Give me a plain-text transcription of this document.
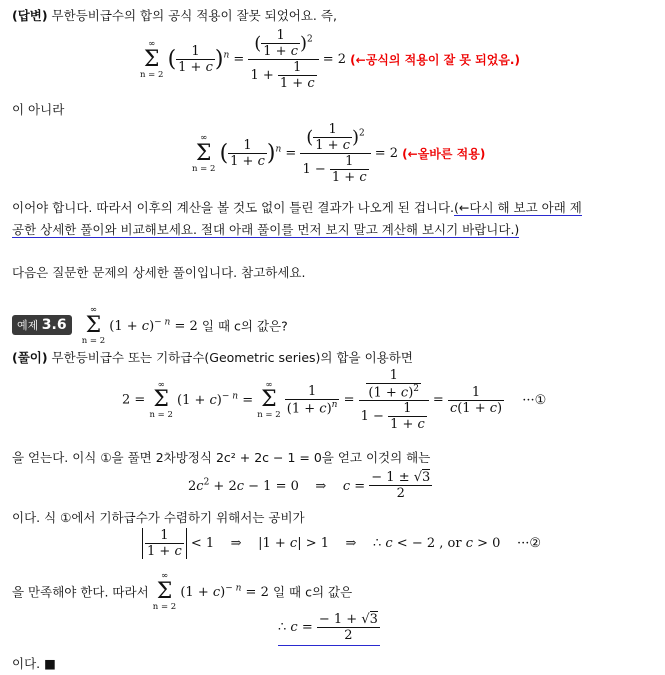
(답변) 무한등비급수의 합의 공식 적용이 잘못 되었어요. 즉,
∞
Σ
n = 2
( $\frac{1}{1 + c} )^n = \frac{( \frac{1}{1 + c} )^2}{1 + \frac{1}{1 + c}} = 2$ (←공식의 적용이 잘 못 되었음.)
이 아니라
∞
Σ
n = 2
( $\frac{1}{1 + c} )^n = \frac{( \frac{1}{1 + c} )^2}{1 - \frac{1}{1 + c}} = 2$ (←올바른 적용)
이어야 합니다. 따라서 이후의 계산을 볼 것도 없이 틀린 결과가 나오게 된 겁니다.(←다시 해 보고 아래 제
공한 상세한 풀이와 비교해보세요. 절대 아래 풀이를 먼저 보지 말고 계산해 보시기 바랍니다.)
다음은 질문한 문제의 상세한 풀이입니다. 참고하세요.
예제 3.6
∞
Σ
n = 2
$(1 + c)^{- n} = 2$ 일 때 c의 값은?
(풀이) 무한등비급수 또는 기하급수(Geometric series)의 합을 이용하면
2 =
∞
Σ
n = 2
$(1 + c)^{- n}$ =
∞
Σ
n = 2
$\frac{1}{(1 + c)^n} = \frac{\frac{1}{(1 + c)^2}}{1 - \frac{1}{1 + c}} = \frac{1}{c(1 + c)}$ ···①
을 얻는다. 이식 ①을 풀면 2차방정식 2c² + 2c − 1 = 0을 얻고 이것의 해는
$2c^2 + 2c - 1 = 0$    ⇒    $c = \frac{- 1 \pm √3}{2}$
이다. 식 ①에서 기하급수가 수렴하기 위해서는 공비가
$\frac{1}{1 + c} < 1$    ⇒    |1 + c| > 1    ⇒    ∴ c < − 2 , or c > 0    ···②
을 만족해야 한다. 따라서
∞
Σ
n = 2
$(1 + c)^{- n} = 2$ 일 때 c의 값은
∴ $c = \frac{- 1 + √3}{2}$
이다. ■
